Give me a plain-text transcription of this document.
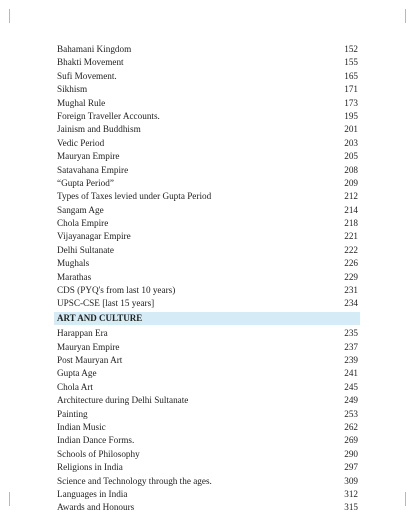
Bahamani Kingdom	152
Bhakti Movement	155
Sufi Movement.	165
Sikhism	171
Mughal Rule	173
Foreign Traveller Accounts.	195
Jainism and Buddhism	201
Vedic Period	203
Mauryan Empire	205
Satavahana Empire	208
“Gupta Period”	209
Types of Taxes levied under Gupta Period	212
Sangam Age	214
Chola Empire	218
Vijayanagar Empire	221
Delhi Sultanate	222
Mughals	226
Marathas	229
CDS (PYQ's from last 10 years)	231
UPSC-CSE [last 15 years]	234
ART AND CULTURE
Harappan Era	235
Mauryan Empire	237
Post Mauryan Art	239
Gupta Age	241
Chola Art	245
Architecture during Delhi Sultanate	249
Painting	253
Indian Music	262
Indian Dance Forms.	269
Schools of Philosophy	290
Religions in India	297
Science and Technology through the ages.	309
Languages in India	312
Awards and Honours	315
